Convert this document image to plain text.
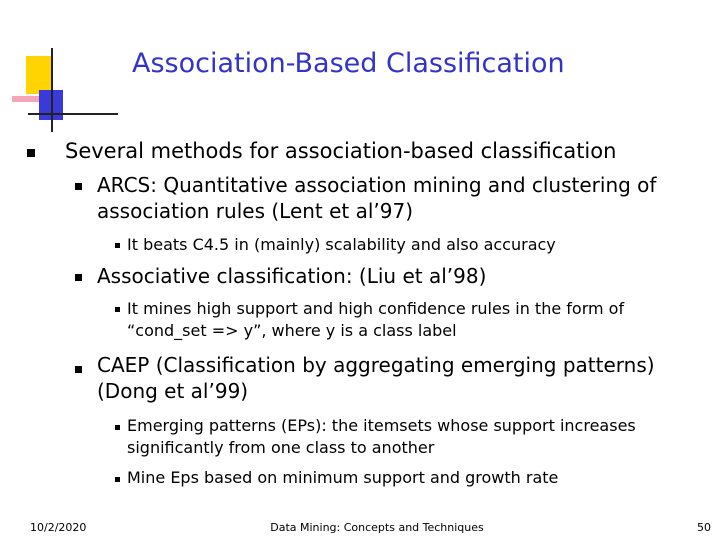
Association-Based Classification

Several methods for association-based classification

ARCS: Quantitative association mining and clustering of association rules (Lent et al’97)

It beats C4.5 in (mainly) scalability and also accuracy

Associative classification: (Liu et al’98)

It mines high support and high confidence rules in the form of “cond_set => y”, where y is a class label

CAEP (Classification by aggregating emerging patterns) (Dong et al’99)

Emerging patterns (EPs): the itemsets whose support increases significantly from one class to another

Mine Eps based on minimum support and growth rate

10/2/2020	Data Mining: Concepts and Techniques	50
